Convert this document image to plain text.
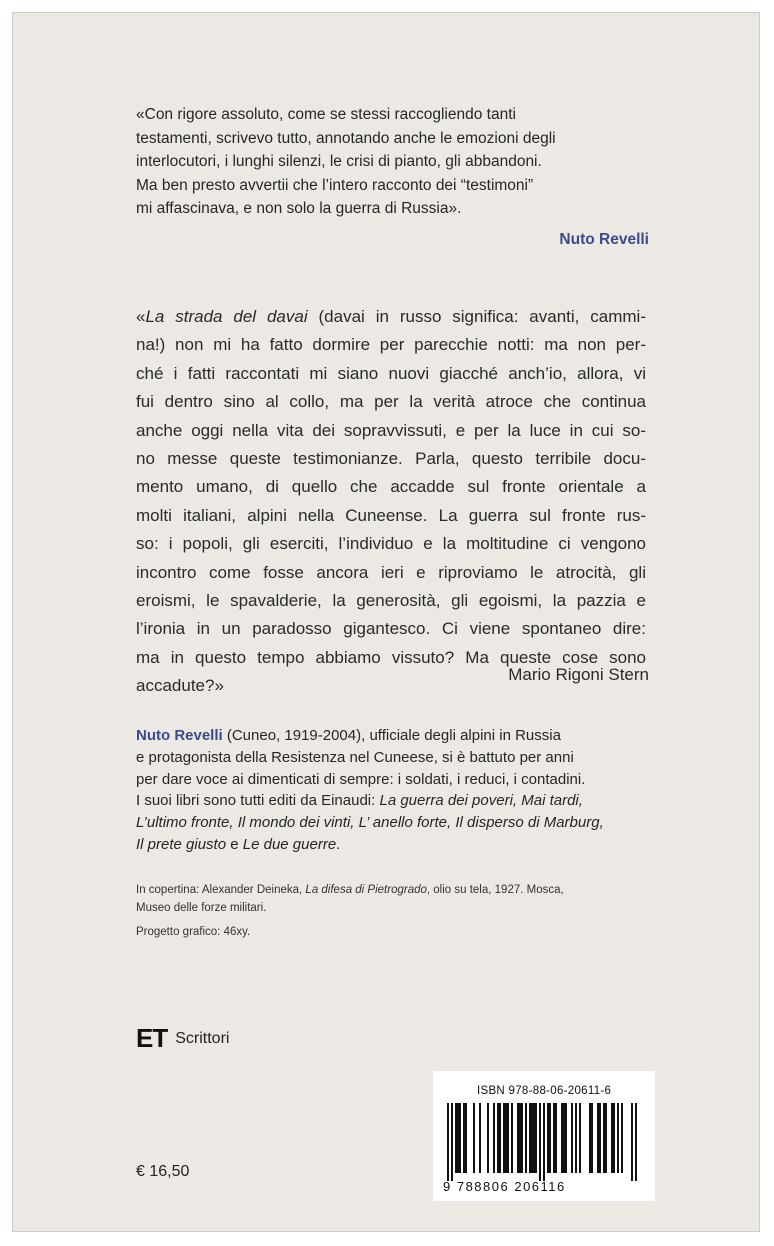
«Con rigore assoluto, come se stessi raccogliendo tanti

testamenti, scrivevo tutto, annotando anche le emozioni degli

interlocutori, i lunghi silenzi, le crisi di pianto, gli abbandoni.

Ma ben presto avvertii che l’intero racconto dei “testimoni”

mi affascinava, e non solo la guerra di Russia».

Nuto Revelli
«La strada del davai (davai in russo significa: avanti, cammi-
na!) non mi ha fatto dormire per parecchie notti: ma non per-
ché i fatti raccontati mi siano nuovi giacché anch’io, allora, vi
fui dentro sino al collo, ma per la verità atroce che continua
anche oggi nella vita dei sopravvissuti, e per la luce in cui so-
no messe queste testimonianze. Parla, questo terribile docu-
mento umano, di quello che accadde sul fronte orientale a
molti italiani, alpini nella Cuneense. La guerra sul fronte rus-
so: i popoli, gli eserciti, l’individuo e la moltitudine ci vengono
incontro come fosse ancora ieri e riproviamo le atrocità, gli
eroismi, le spavalderie, la generosità, gli egoismi, la pazzia e
l’ironia in un paradosso gigantesco. Ci viene spontaneo dire:
ma in questo tempo abbiamo vissuto? Ma queste cose sono
accadute?»
Mario Rigoni Stern
Nuto Revelli (Cuneo, 1919-2004), ufficiale degli alpini in Russia
e protagonista della Resistenza nel Cuneese, si è battuto per anni
per dare voce ai dimenticati di sempre: i soldati, i reduci, i contadini.
I suoi libri sono tutti editi da Einaudi: La guerra dei poveri, Mai tardi,
L’ultimo fronte, Il mondo dei vinti, L’ anello forte, Il disperso di Marburg,
Il prete giusto e Le due guerre.
In copertina: Alexander Deineka, La difesa di Pietrogrado, olio su tela, 1927. Mosca,
Museo delle forze militari.
Progetto grafico: 46xy.
ET Scrittori
ISBN 978-88-06-20611-6
9 788806 206116
€ 16,50
